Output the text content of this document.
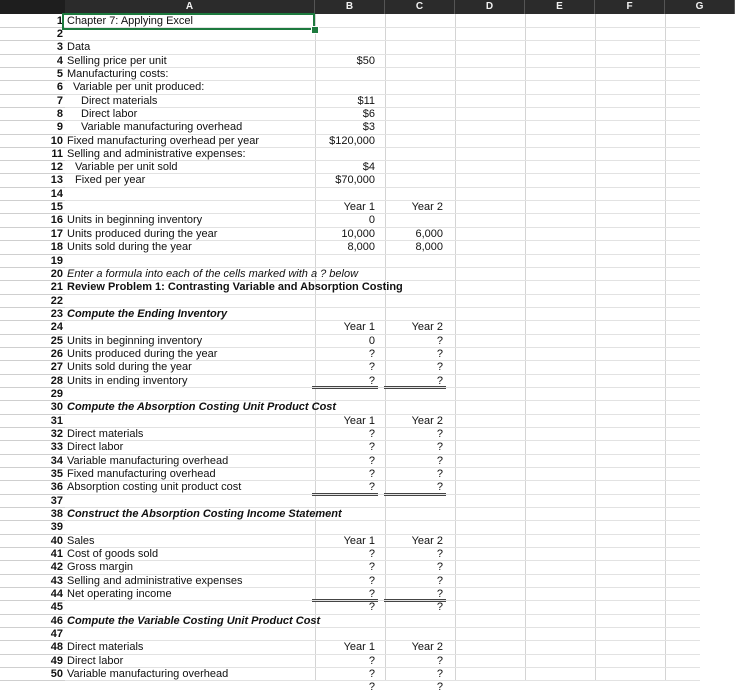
A	B	C	D	E	F	G
1 Chapter 7: Applying Excel
2
3 Data
4 Selling price per unit	$50
5 Manufacturing costs:
6 Variable per unit produced:
7 Direct materials	$11
8 Direct labor	$6
9 Variable manufacturing overhead	$3
10 Fixed manufacturing overhead per year	$120,000
11 Selling and administrative expenses:
12 Variable per unit sold	$4
13 Fixed per year	$70,000
14
15	Year 1	Year 2
16 Units in beginning inventory	0
17 Units produced during the year	10,000	6,000
18 Units sold during the year	8,000	8,000
19
20 Enter a formula into each of the cells marked with a ? below
21 Review Problem 1: Contrasting Variable and Absorption Costing
22
23 Compute the Ending Inventory
24	Year 1	Year 2
25 Units in beginning inventory	0	?
26 Units produced during the year	?	?
27 Units sold during the year	?	?
28 Units in ending inventory	?	?
29
30 Compute the Absorption Costing Unit Product Cost
31	Year 1	Year 2
32 Direct materials	?	?
33 Direct labor	?	?
34 Variable manufacturing overhead	?	?
35 Fixed manufacturing overhead	?	?
36 Absorption costing unit product cost	?	?
37
38 Construct the Absorption Costing Income Statement
39
40 Sales	Year 1	Year 2
41 Cost of goods sold	?	?
42 Gross margin	?	?
43 Selling and administrative expenses	?	?
44 Net operating income	?	?
45	?	?
46 Compute the Variable Costing Unit Product Cost
47
48 Direct materials	Year 1	Year 2
49 Direct labor	?	?
50 Variable manufacturing overhead	?	?
?	?
